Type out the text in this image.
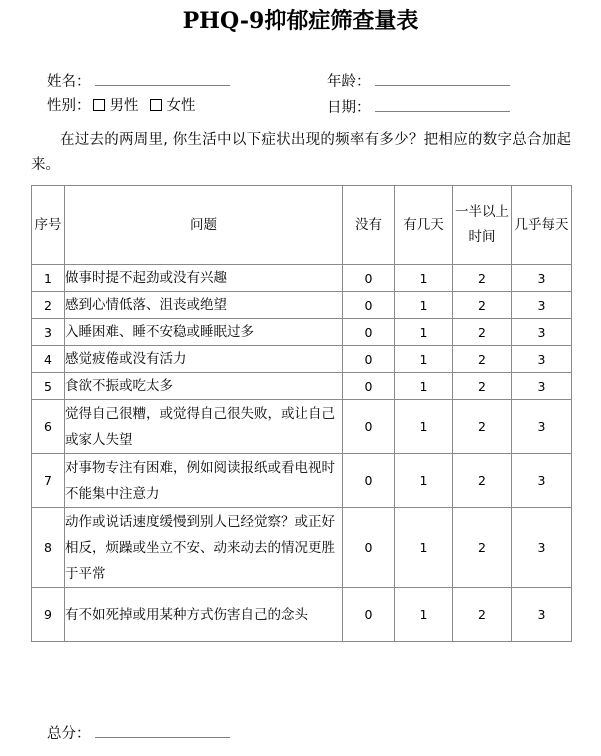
PHQ-9抑郁症筛查量表
姓名：
性别： 男性 女性
年龄：
日期：
在过去的两周里, 你生活中以下症状出现的频率有多少？把相应的数字总合加起来。
序号	问题	没有	有几天	一半以上时间	几乎每天
1	做事时提不起劲或没有兴趣	0	1	2	3
2	感到心情低落、沮丧或绝望	0	1	2	3
3	入睡困难、睡不安稳或睡眠过多	0	1	2	3
4	感觉疲倦或没有活力	0	1	2	3
5	食欲不振或吃太多	0	1	2	3
6	觉得自己很糟，或觉得自己很失败，或让自己或家人失望	0	1	2	3
7	对事物专注有困难，例如阅读报纸或看电视时不能集中注意力	0	1	2	3
8	动作或说话速度缓慢到别人已经觉察？或正好相反，烦躁或坐立不安、动来动去的情况更胜于平常	0	1	2	3
9	有不如死掉或用某种方式伤害自己的念头	0	1	2	3
总分：
